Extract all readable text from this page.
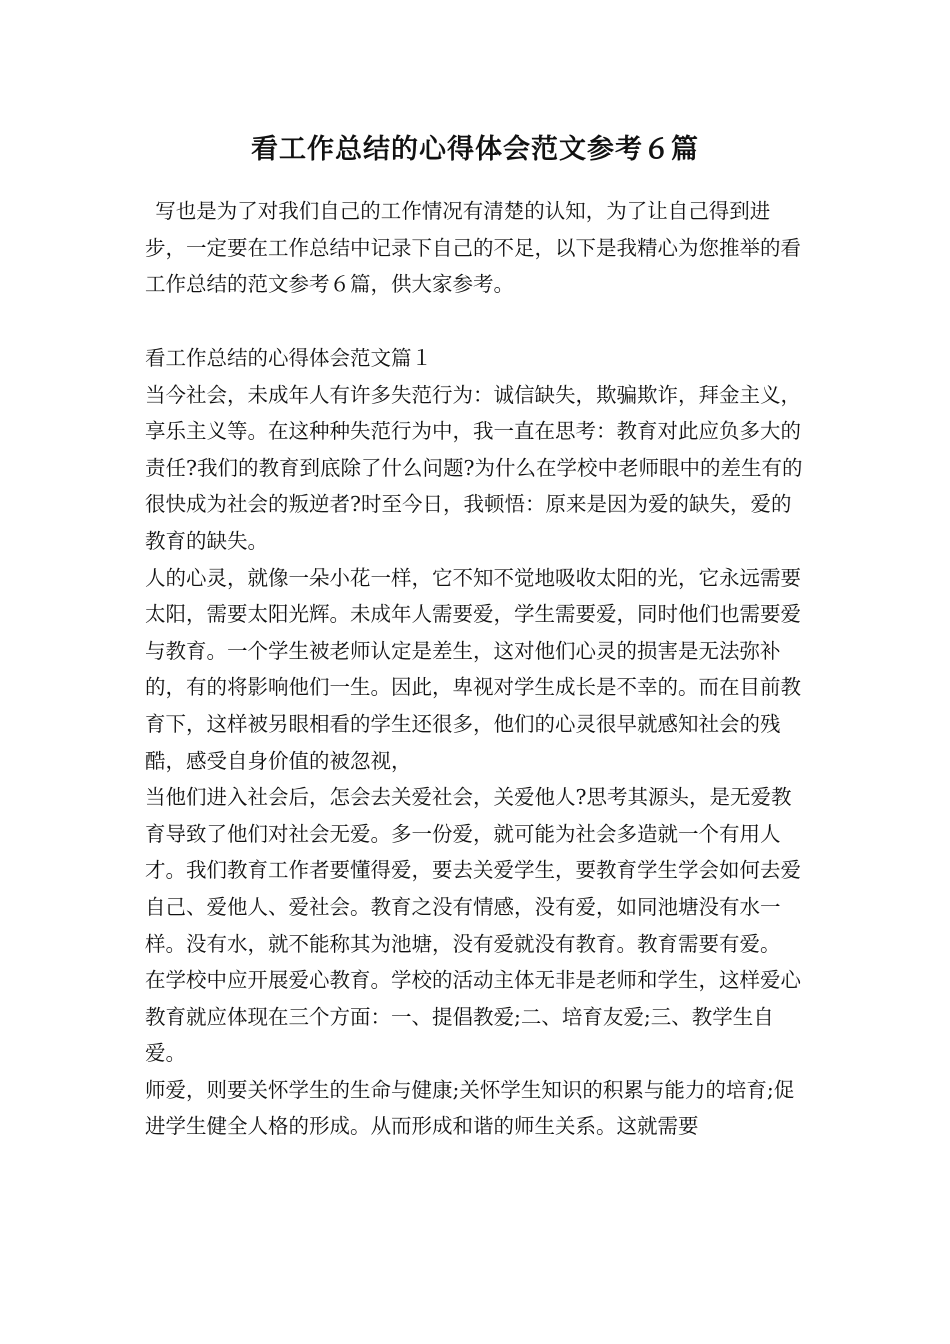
看工作总结的心得体会范文参考６篇

写也是为了对我们自己的工作情况有清楚的认知，为了让自己得到进步，一定要在工作总结中记录下自己的不足，以下是我精心为您推举的看工作总结的范文参考６篇，供大家参考。

看工作总结的心得体会范文篇１

当今社会，未成年人有许多失范行为：诚信缺失，欺骗欺诈，拜金主义，享乐主义等。在这种种失范行为中，我一直在思考：教育对此应负多大的责任?我们的教育到底除了什么问题?为什么在学校中老师眼中的差生有的很快成为社会的叛逆者?时至今日，我顿悟：原来是因为爱的缺失，爱的教育的缺失。

人的心灵，就像一朵小花一样，它不知不觉地吸收太阳的光，它永远需要太阳，需要太阳光辉。未成年人需要爱，学生需要爱，同时他们也需要爱与教育。一个学生被老师认定是差生，这对他们心灵的损害是无法弥补的，有的将影响他们一生。因此，卑视对学生成长是不幸的。而在目前教育下，这样被另眼相看的学生还很多，他们的心灵很早就感知社会的残酷，感受自身价值的被忽视，

当他们进入社会后，怎会去关爱社会，关爱他人?思考其源头，是无爱教育导致了他们对社会无爱。多一份爱，就可能为社会多造就一个有用人才。我们教育工作者要懂得爱，要去关爱学生，要教育学生学会如何去爱自己、爱他人、爱社会。教育之没有情感，没有爱，如同池塘没有水一样。没有水，就不能称其为池塘，没有爱就没有教育。教育需要有爱。

在学校中应开展爱心教育。学校的活动主体无非是老师和学生，这样爱心教育就应体现在三个方面：一、提倡教爱;二、培育友爱;三、教学生自爱。

师爱，则要关怀学生的生命与健康;关怀学生知识的积累与能力的培育;促进学生健全人格的形成。从而形成和谐的师生关系。这就需要
